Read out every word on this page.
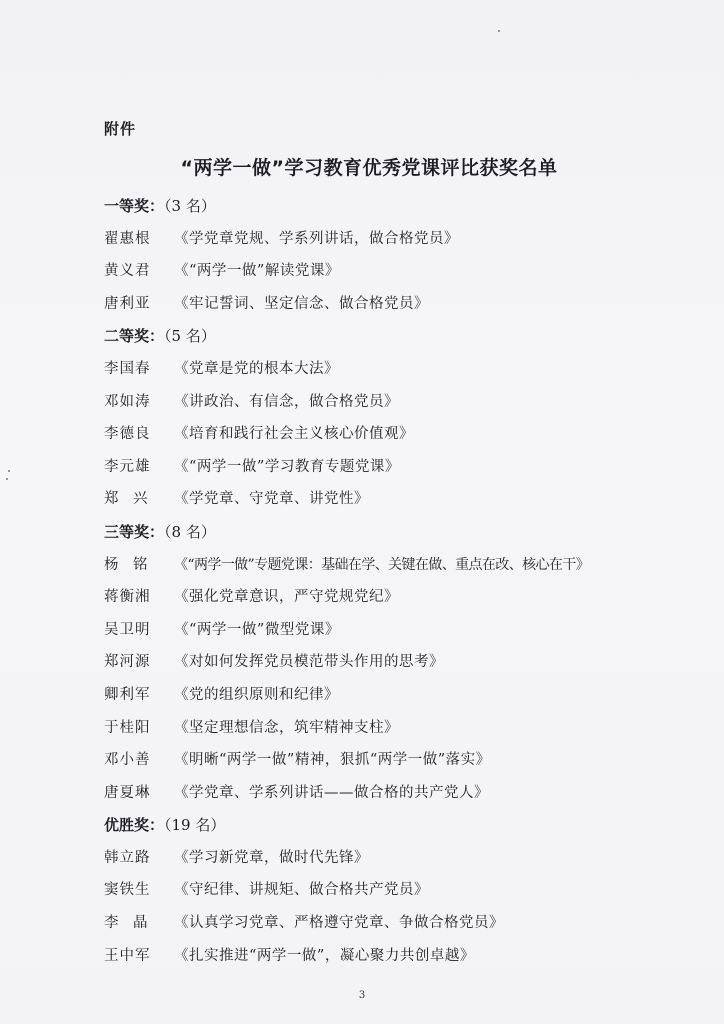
附件
“两学一做”学习教育优秀党课评比获奖名单
一等奖：（3 名）
翟惠根 《学党章党规、学系列讲话，做合格党员》
黄义君 《“两学一做”解读党课》
唐利亚 《牢记誓词、坚定信念、做合格党员》
二等奖：（5 名）
李国春 《党章是党的根本大法》
邓如涛 《讲政治、有信念，做合格党员》
李德良 《培育和践行社会主义核心价值观》
李元雄 《“两学一做”学习教育专题党课》
郑　兴 《学党章、守党章、讲党性》
三等奖：（8 名）
杨　铭 《“两学一做”专题党课：基础在学、关键在做、重点在改、核心在干》
蒋衡湘 《强化党章意识，严守党规党纪》
吴卫明 《“两学一做”微型党课》
郑河源 《对如何发挥党员模范带头作用的思考》
卿利军 《党的组织原则和纪律》
于桂阳 《坚定理想信念，筑牢精神支柱》
邓小善 《明晰“两学一做”精神，狠抓“两学一做”落实》
唐夏琳 《学党章、学系列讲话——做合格的共产党人》
优胜奖：（19 名）
韩立路 《学习新党章，做时代先锋》
窦铁生 《守纪律、讲规矩、做合格共产党员》
李　晶 《认真学习党章、严格遵守党章、争做合格党员》
王中军 《扎实推进“两学一做”，凝心聚力共创卓越》
3
